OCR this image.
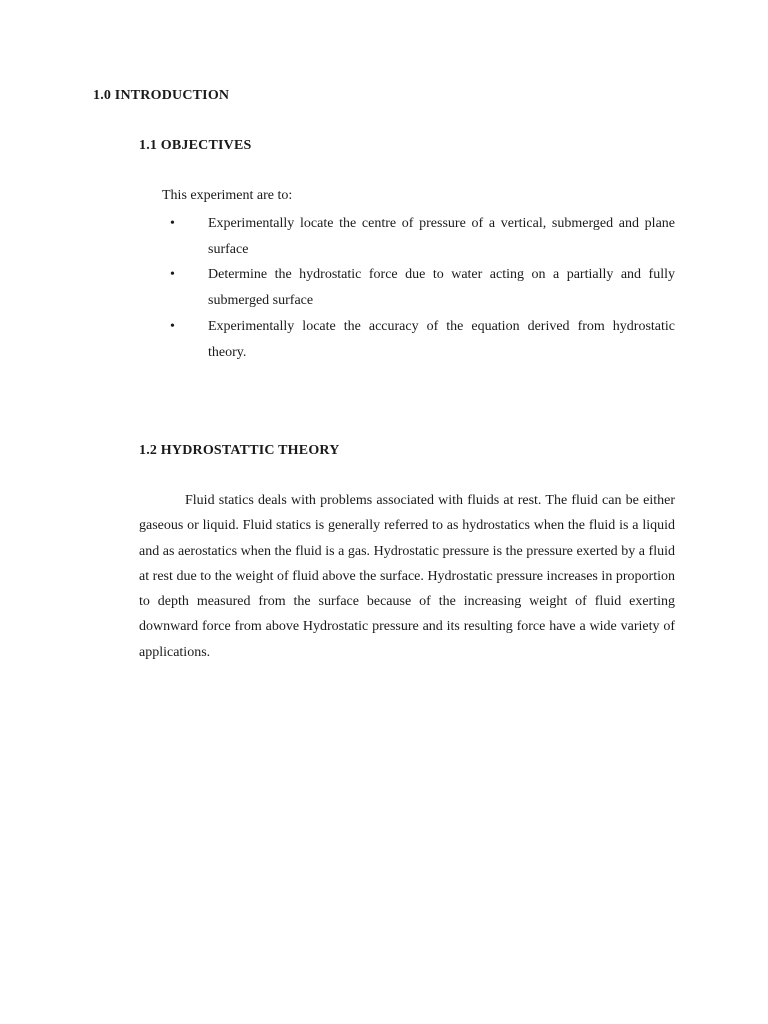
1.0 INTRODUCTION
1.1 OBJECTIVES

This experiment are to:

•	Experimentally locate the centre of pressure of a vertical, submerged and plane surface
•	Determine the hydrostatic force due to water acting on a partially and fully submerged surface
•	Experimentally locate the accuracy of the equation derived from hydrostatic theory.
1.2 HYDROSTATTIC THEORY

Fluid statics deals with problems associated with fluids at rest. The fluid can be either gaseous or liquid. Fluid statics is generally referred to as hydrostatics when the fluid is a liquid and as aerostatics when the fluid is a gas. Hydrostatic pressure is the pressure exerted by a fluid at rest due to the weight of fluid above the surface. Hydrostatic pressure increases in proportion to depth measured from the surface because of the increasing weight of fluid exerting downward force from above Hydrostatic pressure and its resulting force have a wide variety of applications.
